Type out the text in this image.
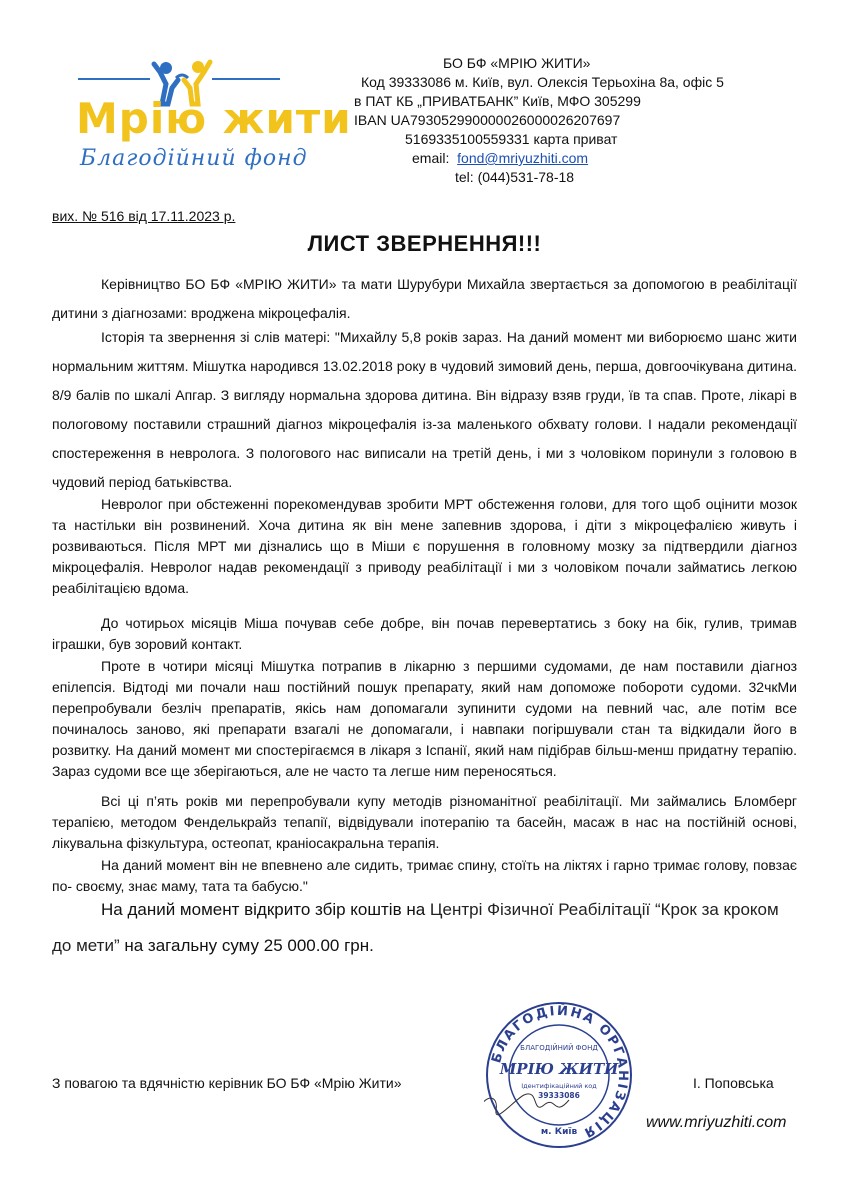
Мрію жити
Благодійний фонд
БО БФ «МРІЮ ЖИТИ»
Код 39333086 м. Київ, вул. Олексія Терьохіна 8а, офіс 5
в ПАТ КБ „ПРИВАТБАНК” Київ, МФО 305299
IBAN UA793052990000026000026207697
5169335100559331 карта приват
email: fond@mriyuzhiti.com
tel: (044)531-78-18
вих. № 516 від 17.11.2023 р.
ЛИСТ ЗВЕРНЕННЯ!!!

Керівництво БО БФ «МРІЮ ЖИТИ» та мати Шурубури Михайла звертається за допомогою в реабілітації дитини з діагнозами: вроджена мікроцефалія.

Історія та звернення зі слів матері: "Михайлу 5,8 років зараз. На даний момент ми виборюємо шанс жити нормальним життям. Мішутка народився 13.02.2018 року в чудовий зимовий день, перша, довгоочікувана дитина. 8/9 балів по шкалі Апгар. З вигляду нормальна здорова дитина. Він відразу взяв груди, їв та спав. Проте, лікарі в пологовому поставили страшний діагноз мікроцефалія із-за маленького обхвату голови. І надали рекомендації спостереження в невролога. З пологового нас виписали на третій день, і ми з чоловіком поринули з головою в чудовий період батьківства.

Невролог при обстеженні порекомендував зробити МРТ обстеження голови, для того щоб оцінити мозок та настільки він розвинений. Хоча дитина як він мене запевнив здорова, і діти з мікроцефалією живуть і розвиваються. Після МРТ ми дізнались що в Міши є порушення в головному мозку за підтвердили діагноз мікроцефалія. Невролог надав рекомендації з приводу реабілітації і ми з чоловіком почали займатись легкою реабілітацією вдома.

До чотирьох місяців Міша почував себе добре, він почав перевертатись з боку на бік, гулив, тримав іграшки, був зоровий контакт.

Проте в чотири місяці Мішутка потрапив в лікарню з першими судомами, де нам поставили діагноз епілепсія. Відтоді ми почали наш постійний пошук препарату, який нам допоможе побороти судоми. 32чкМи перепробували безліч препаратів, якісь нам допомагали зупинити судоми на певний час, але потім все починалось заново, які препарати взагалі не допомагали, і навпаки погіршували стан та відкидали його в розвитку. На даний момент ми спостерігаємся в лікаря з Іспанії, який нам підібрав більш-менш придатну терапію. Зараз судоми все ще зберігаються, але не часто та легше ним переносяться.

Всі ці п’ять років ми перепробували купу методів різноманітної реабілітації. Ми займались Бломберг терапією, методом Фенделькрайз тепапії, відвідували іпотерапію та басейн, масаж в нас на постійній основі, лікувальна фізкультура, остеопат, краніосакральна терапія.

На даний момент він не впевнено але сидить, тримає спину, стоїть на ліктях і гарно тримає голову, повзає по- своєму, знає маму, тата та бабусю."

На даний момент відкрито збір коштів на Центрі Фізичної Реабілітації “Крок за кроком до мети” на загальну суму 25 000.00 грн.

БЛАГОДІЙНА ОРГАНІЗАЦІЯ
БЛАГОДІЙНИЙ ФОНД
МРІЮ ЖИТИ
Ідентифікаційний код
39333086
м. Київ
З повагою та вдячністю керівник БО БФ «Мрію Жити»	І. Поповська
www.mriyuzhiti.com
